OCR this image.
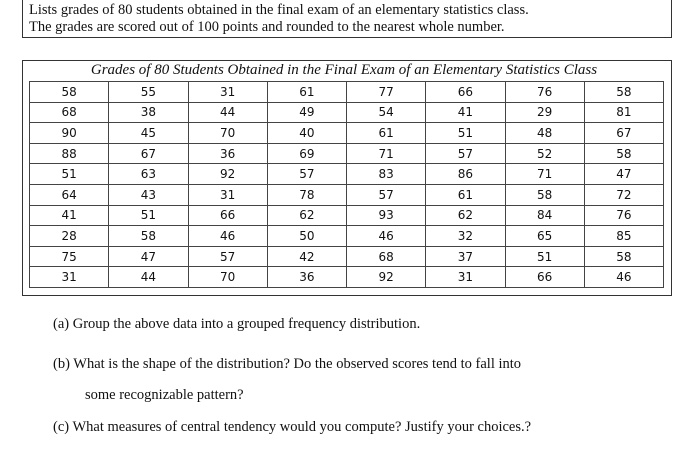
Lists grades of 80 students obtained in the final exam of an elementary statistics class.
The grades are scored out of 100 points and rounded to the nearest whole number.
Grades of 80 Students Obtained in the Final Exam of an Elementary Statistics Class
58	55	31	61	77	66	76	58
68	38	44	49	54	41	29	81
90	45	70	40	61	51	48	67
88	67	36	69	71	57	52	58
51	63	92	57	83	86	71	47
64	43	31	78	57	61	58	72
41	51	66	62	93	62	84	76
28	58	46	50	46	32	65	85
75	47	57	42	68	37	51	58
31	44	70	36	92	31	66	46
(a) Group the above data into a grouped frequency distribution.
(b) What is the shape of the distribution? Do the observed scores tend to fall into
some recognizable pattern?
(c) What measures of central tendency would you compute? Justify your choices.?
